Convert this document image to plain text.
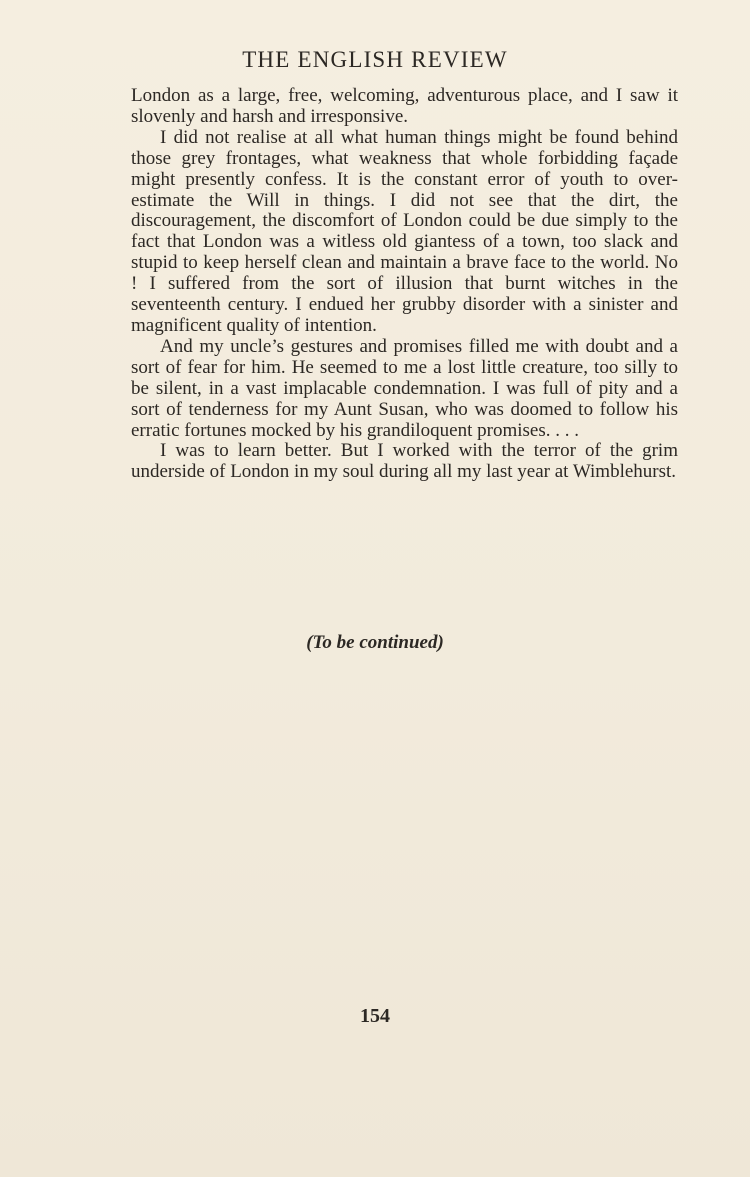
THE ENGLISH REVIEW

London as a large, free, welcoming, adventurous place, and I saw it slovenly and harsh and irresponsive.

I did not realise at all what human things might be found behind those grey frontages, what weakness that whole forbidding façade might presently confess. It is the constant error of youth to over-estimate the Will in things. I did not see that the dirt, the discouragement, the discomfort of London could be due simply to the fact that London was a witless old giantess of a town, too slack and stupid to keep herself clean and maintain a brave face to the world. No ! I suffered from the sort of illusion that burnt witches in the seventeenth century. I endued her grubby disorder with a sinister and magnificent quality of intention.

And my uncle’s gestures and promises filled me with doubt and a sort of fear for him. He seemed to me a lost little creature, too silly to be silent, in a vast implacable condemnation. I was full of pity and a sort of tenderness for my Aunt Susan, who was doomed to follow his erratic fortunes mocked by his grandiloquent promises. . . .

I was to learn better. But I worked with the terror of the grim underside of London in my soul during all my last year at Wimblehurst.

(To be continued)
154
